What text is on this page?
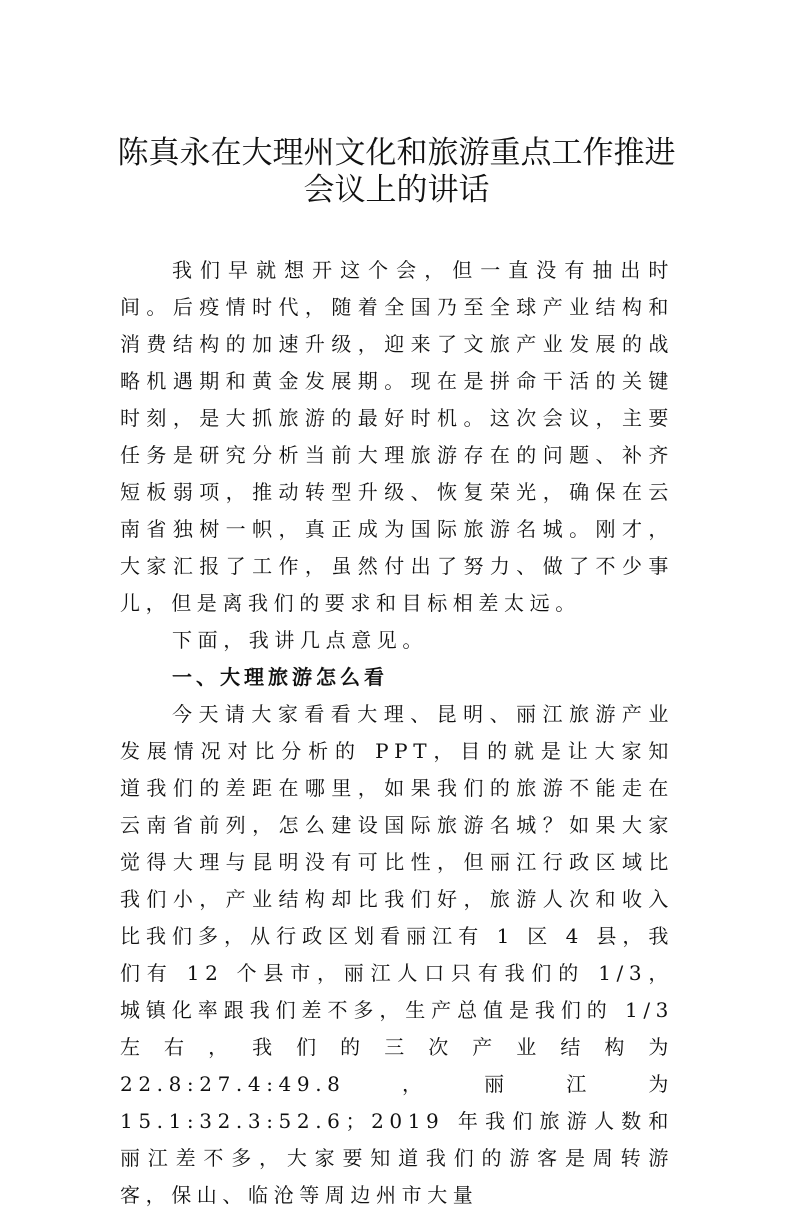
陈真永在大理州文化和旅游重点工作推进
会议上的讲话

我们早就想开这个会，但一直没有抽出时间。后疫情时代，随着全国乃至全球产业结构和消费结构的加速升级，迎来了文旅产业发展的战略机遇期和黄金发展期。现在是拼命干活的关键时刻，是大抓旅游的最好时机。这次会议，主要任务是研究分析当前大理旅游存在的问题、补齐短板弱项，推动转型升级、恢复荣光，确保在云南省独树一帜，真正成为国际旅游名城。刚才，大家汇报了工作，虽然付出了努力、做了不少事儿，但是离我们的要求和目标相差太远。

下面，我讲几点意见。

一、大理旅游怎么看

今天请大家看看大理、昆明、丽江旅游产业发展情况对比分析的 PPT，目的就是让大家知道我们的差距在哪里，如果我们的旅游不能走在云南省前列，怎么建设国际旅游名城？如果大家觉得大理与昆明没有可比性，但丽江行政区域比我们小，产业结构却比我们好，旅游人次和收入比我们多，从行政区划看丽江有 1 区 4 县，我们有 12 个县市，丽江人口只有我们的 1/3，城镇化率跟我们差不多，生产总值是我们的 1/3 左右，我们的三次产业结构为 22.8:27.4:49.8，丽江为 15.1:32.3:52.6；2019 年我们旅游人数和丽江差不多，大家要知道我们的游客是周转游客，保山、临沧等周边州市大量
